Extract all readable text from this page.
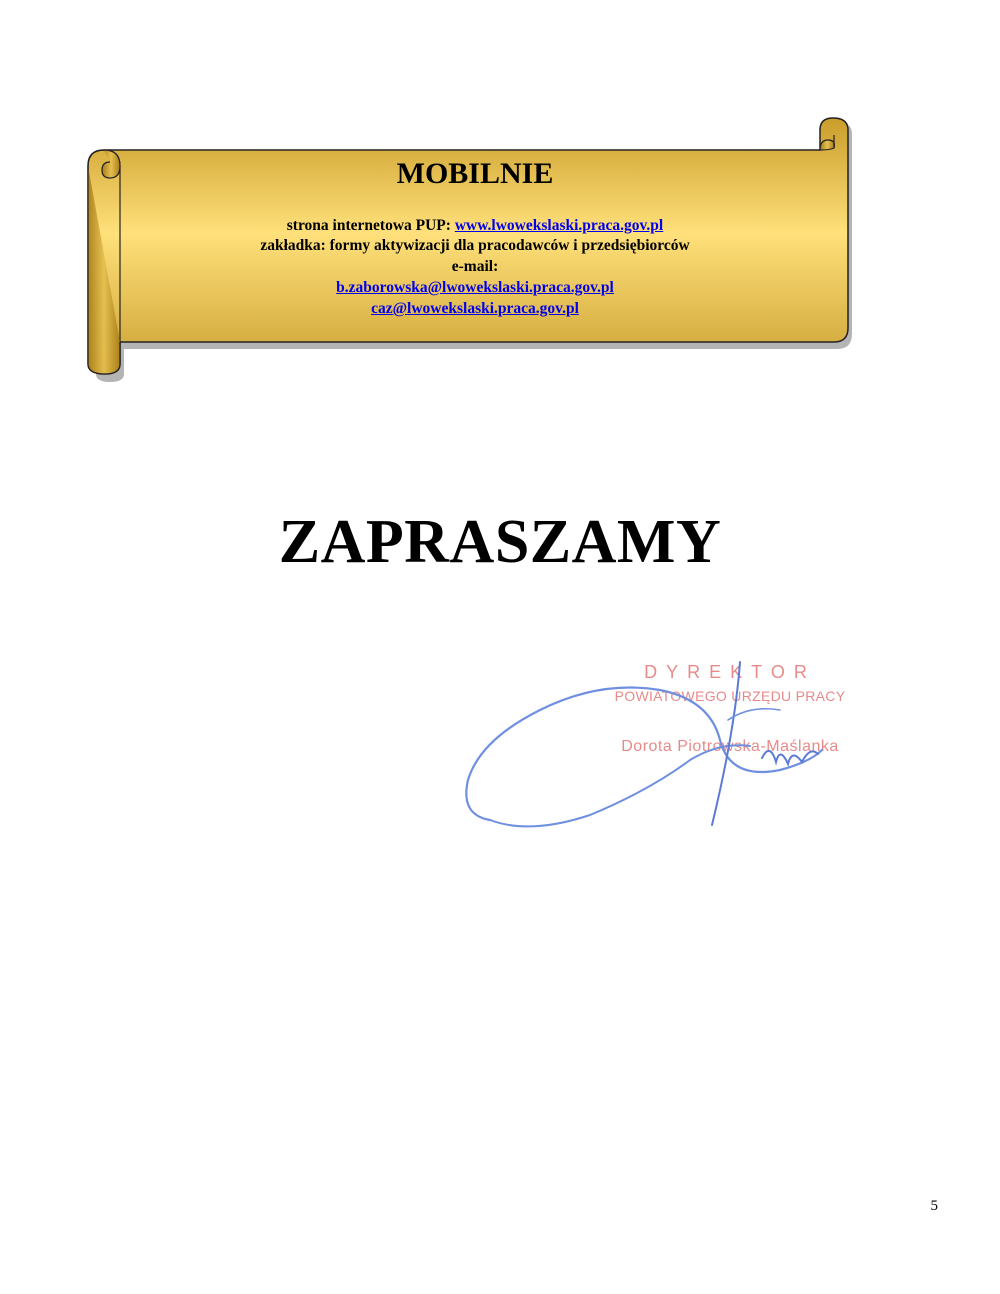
MOBILNIE
strona internetowa PUP: www.lwowekslaski.praca.gov.pl
zakładka: formy aktywizacji dla pracodawców i przedsiębiorców
e-mail:
b.zaborowska@lwowekslaski.praca.gov.pl
caz@lwowekslaski.praca.gov.pl
ZAPRASZAMY
DYREKTOR
POWIATOWEGO URZĘDU PRACY
Dorota Piotrowska-Maślanka
5
